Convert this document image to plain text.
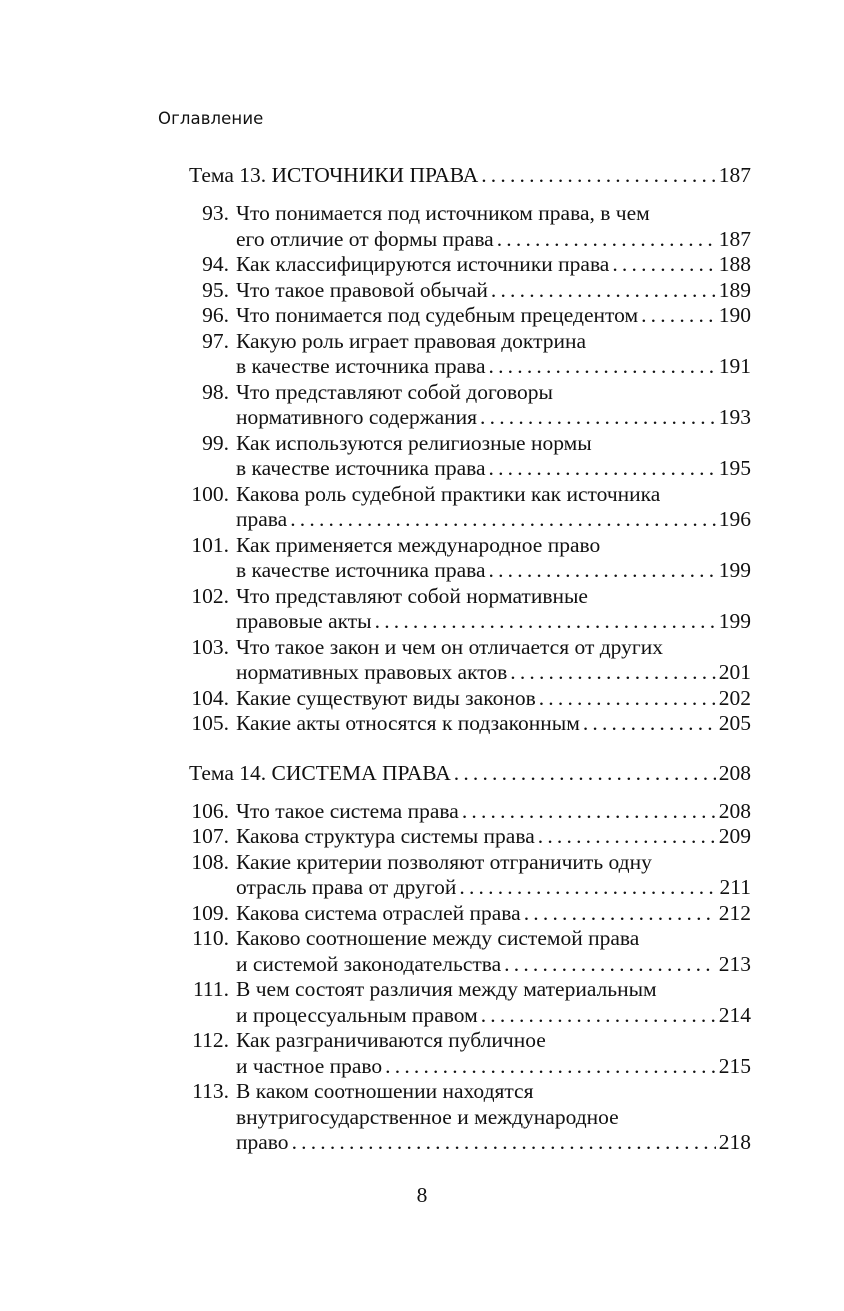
Оглавление
Тема 13. ИСТОЧНИКИ ПРАВА .....	187
93. Что понимается под источником права, в чем
его отличие от формы права .....	187
94. Как классифицируются источники права .....	188
95. Что такое правовой обычай .....	189
96. Что понимается под судебным прецедентом .....	190
97. Какую роль играет правовая доктрина
в качестве источника права .....	191
98. Что представляют собой договоры
нормативного содержания .....	193
99. Как используются религиозные нормы
в качестве источника права .....	195
100. Какова роль судебной практики как источника
права .....	196
101. Как применяется международное право
в качестве источника права .....	199
102. Что представляют собой нормативные
правовые акты .....	199
103. Что такое закон и чем он отличается от других
нормативных правовых актов .....	201
104. Какие существуют виды законов .....	202
105. Какие акты относятся к подзаконным .....	205
Тема 14. СИСТЕМА ПРАВА .....	208
106. Что такое система права .....	208
107. Какова структура системы права .....	209
108. Какие критерии позволяют отграничить одну
отрасль права от другой .....	211
109. Какова система отраслей права .....	212
110. Каково соотношение между системой права
и системой законодательства .....	213
111. В чем состоят различия между материальным
и процессуальным правом .....	214
112. Как разграничиваются публичное
и частное право .....	215
113. В каком соотношении находятся
внутригосударственное и международное
право .....	218
8
